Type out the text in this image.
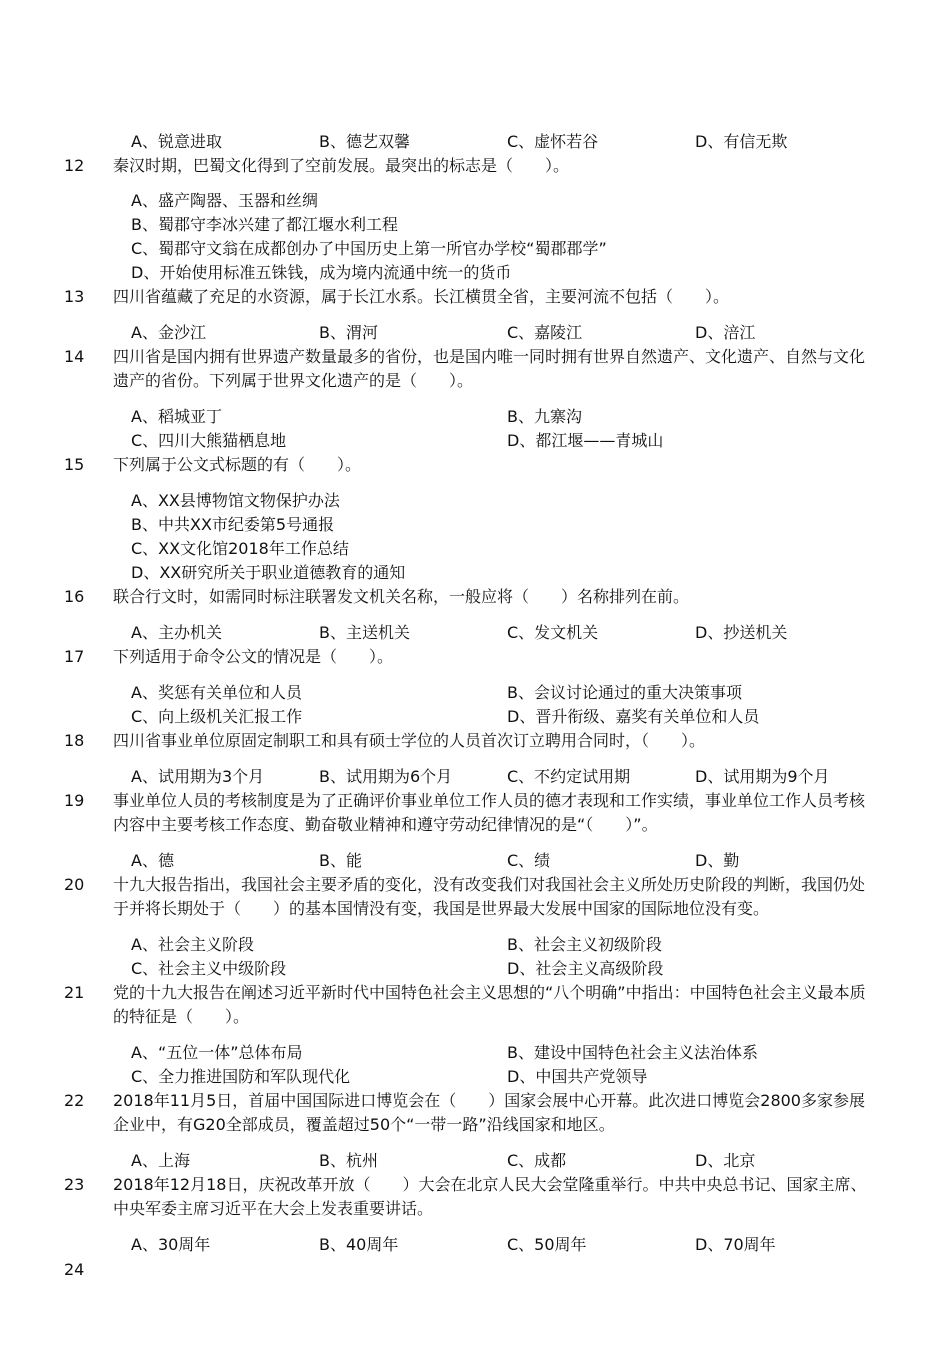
A、锐意进取	B、德艺双馨	C、虚怀若谷	D、有信无欺
12	秦汉时期，巴蜀文化得到了空前发展。最突出的标志是（　　）。
A、盛产陶器、玉器和丝绸
B、蜀郡守李冰兴建了都江堰水利工程
C、蜀郡守文翁在成都创办了中国历史上第一所官办学校“蜀郡郡学”
D、开始使用标准五铢钱，成为境内流通中统一的货币
13	四川省蕴藏了充足的水资源，属于长江水系。长江横贯全省，主要河流不包括（　　）。
A、金沙江	B、渭河	C、嘉陵江	D、涪江
14	四川省是国内拥有世界遗产数量最多的省份，也是国内唯一同时拥有世界自然遗产、文化遗产、自然与文化遗产的省份。下列属于世界文化遗产的是（　　）。
A、稻城亚丁	B、九寨沟
C、四川大熊猫栖息地	D、都江堰——青城山
15	下列属于公文式标题的有（　　）。
A、XX县博物馆文物保护办法
B、中共XX市纪委第5号通报
C、XX文化馆2018年工作总结
D、XX研究所关于职业道德教育的通知
16	联合行文时，如需同时标注联署发文机关名称，一般应将（　　）名称排列在前。
A、主办机关	B、主送机关	C、发文机关	D、抄送机关
17	下列适用于命令公文的情况是（　　）。
A、奖惩有关单位和人员	B、会议讨论通过的重大决策事项
C、向上级机关汇报工作	D、晋升衔级、嘉奖有关单位和人员
18	四川省事业单位原固定制职工和具有硕士学位的人员首次订立聘用合同时，（　　）。
A、试用期为3个月	B、试用期为6个月	C、不约定试用期	D、试用期为9个月
19	事业单位人员的考核制度是为了正确评价事业单位工作人员的德才表现和工作实绩，事业单位工作人员考核内容中主要考核工作态度、勤奋敬业精神和遵守劳动纪律情况的是“（　　）”。
A、德	B、能	C、绩	D、勤
20	十九大报告指出，我国社会主要矛盾的变化，没有改变我们对我国社会主义所处历史阶段的判断，我国仍处于并将长期处于（　　）的基本国情没有变，我国是世界最大发展中国家的国际地位没有变。
A、社会主义阶段	B、社会主义初级阶段
C、社会主义中级阶段	D、社会主义高级阶段
21	党的十九大报告在阐述习近平新时代中国特色社会主义思想的“八个明确”中指出：中国特色社会主义最本质的特征是（　　）。
A、“五位一体”总体布局	B、建设中国特色社会主义法治体系
C、全力推进国防和军队现代化	D、中国共产党领导
22	2018年11月5日，首届中国国际进口博览会在（　　）国家会展中心开幕。此次进口博览会2800多家参展企业中，有G20全部成员，覆盖超过50个“一带一路”沿线国家和地区。
A、上海	B、杭州	C、成都	D、北京
23	2018年12月18日，庆祝改革开放（　　）大会在北京人民大会堂隆重举行。中共中央总书记、国家主席、中央军委主席习近平在大会上发表重要讲话。
A、30周年	B、40周年	C、50周年	D、70周年
24
